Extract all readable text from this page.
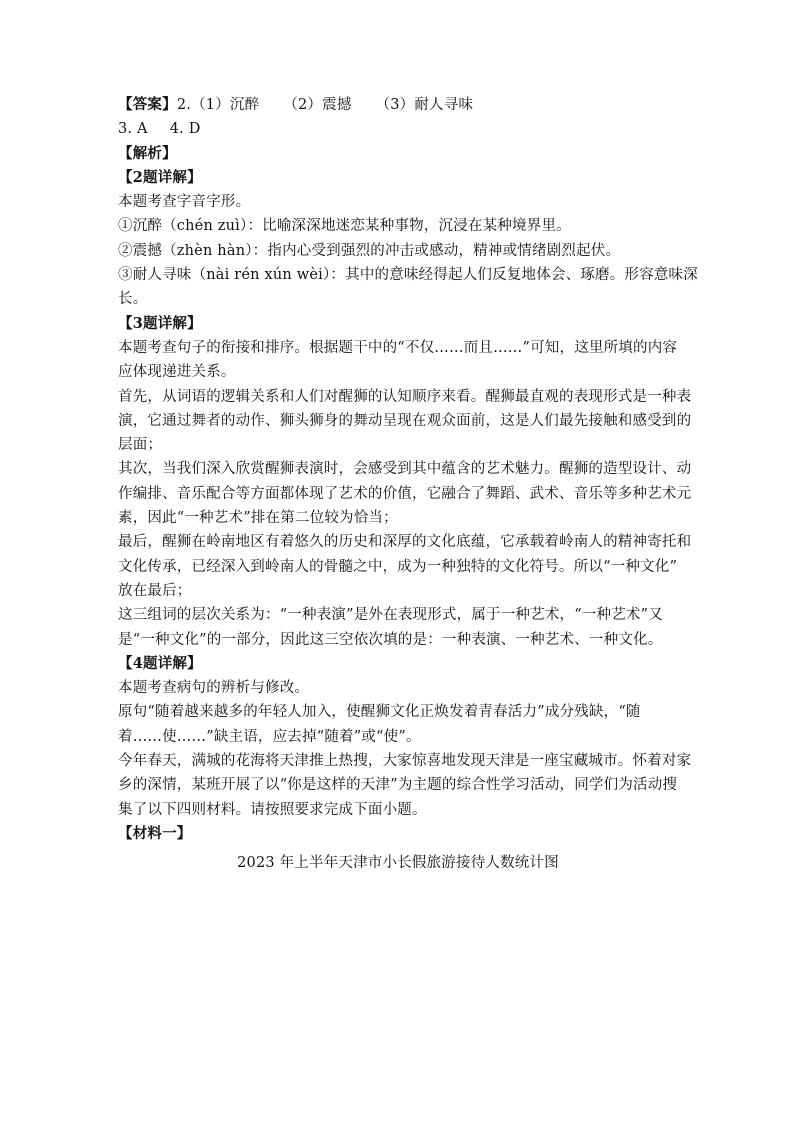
【答案】2.（1）沉醉 （2）震撼 （3）耐人寻味
3. A 4. D
【解析】
【2题详解】
本题考查字音字形。
①沉醉（chén zuì）：比喻深深地迷恋某种事物，沉浸在某种境界里。
②震撼（zhèn hàn）：指内心受到强烈的冲击或感动，精神或情绪剧烈起伏。
③耐人寻味（nài rén xún wèi）：其中的意味经得起人们反复地体会、琢磨。形容意味深
长。
【3题详解】
本题考查句子的衔接和排序。根据题干中的“不仅……而且……”可知，这里所填的内容
应体现递进关系。
首先，从词语的逻辑关系和人们对醒狮的认知顺序来看。醒狮最直观的表现形式是一种表
演，它通过舞者的动作、狮头狮身的舞动呈现在观众面前，这是人们最先接触和感受到的
层面；
其次，当我们深入欣赏醒狮表演时，会感受到其中蕴含的艺术魅力。醒狮的造型设计、动
作编排、音乐配合等方面都体现了艺术的价值，它融合了舞蹈、武术、音乐等多种艺术元
素，因此“一种艺术”排在第二位较为恰当；
最后，醒狮在岭南地区有着悠久的历史和深厚的文化底蕴，它承载着岭南人的精神寄托和
文化传承，已经深入到岭南人的骨髓之中，成为一种独特的文化符号。所以“一种文化”
放在最后；
这三组词的层次关系为：“一种表演”是外在表现形式，属于一种艺术，“一种艺术”又
是“一种文化”的一部分，因此这三空依次填的是：一种表演、一种艺术、一种文化。
【4题详解】
本题考查病句的辨析与修改。
原句“随着越来越多的年轻人加入，使醒狮文化正焕发着青春活力”成分残缺，“随
着……使……”缺主语，应去掉“随着”或“使”。
今年春天，满城的花海将天津推上热搜，大家惊喜地发现天津是一座宝藏城市。怀着对家
乡的深情，某班开展了以“你是这样的天津”为主题的综合性学习活动，同学们为活动搜
集了以下四则材料。请按照要求完成下面小题。
【材料一】
2023 年上半年天津市小长假旅游接待人数统计图
